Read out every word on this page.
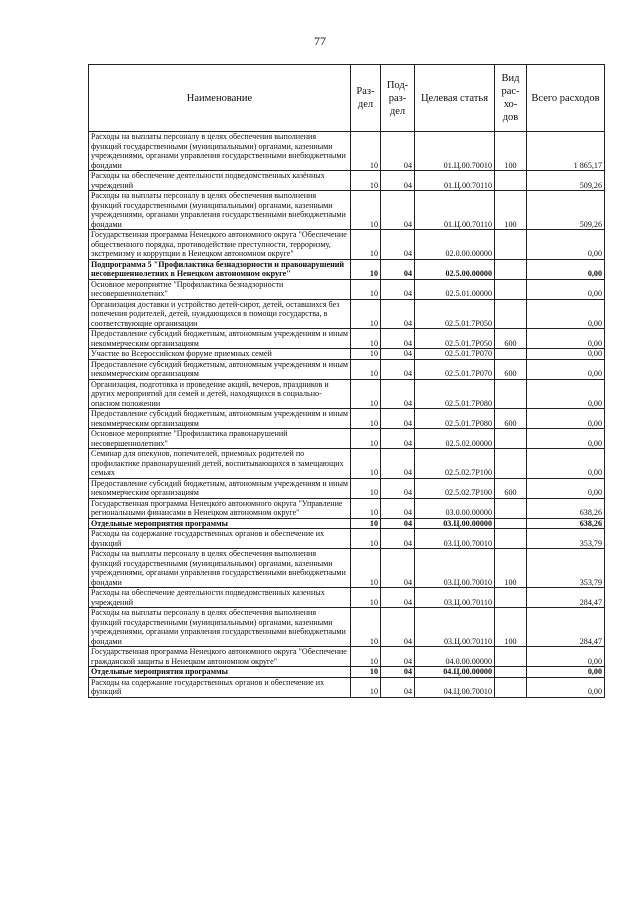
77
Наименование	Раз- дел	Под- раз- дел	Целевая статья	Вид рас- хо- дов	Всего расходов
Расходы на выплаты персоналу в целях обеспечения выполнения функций государственными (муниципальными) органами, казенными учреждениями, органами управления государственными внебюджетными фондами	10	04	01.Ц.00.70010	100	1 865,17
Расходы на обеспечение деятельности подведомственных казённых учреждений	10	04	01.Ц.00.70110		509,26
Расходы на выплаты персоналу в целях обеспечения выполнения функций государственными (муниципальными) органами, казенными учреждениями, органами управления государственными внебюджетными фондами	10	04	01.Ц.00.70110	100	509,26
Государственная программа Ненецкого автономного округа "Обеспечение общественного порядка, противодействие преступности, терроризму, экстремизму и коррупции в Ненецком автономном округе"	10	04	02.0.00.00000		0,00
Подпрограмма 5 "Профилактика безнадзорности и правонарушений несовершеннолетних в Ненецком автономном округе"	10	04	02.5.00.00000		0,00
Основное мероприятие "Профилактика безнадзорности несовершеннолетних"	10	04	02.5.01.00000		0,00
Организация доставки и устройство детей-сирот, детей, оставшихся без попечения родителей, детей, нуждающихся в помощи государства, в соответствующие организации	10	04	02.5.01.7Р050		0,00
Предоставление субсидий бюджетным, автономным учреждениям и иным некоммерческим организациям	10	04	02.5.01.7Р050	600	0,00
Участие во Всероссийском форуме приемных семей	10	04	02.5.01.7Р070		0,00
Предоставление субсидий бюджетным, автономным учреждениям и иным некоммерческим организациям	10	04	02.5.01.7Р070	600	0,00
Организация, подготовка и проведение акций, вечеров, праздников и других мероприятий для семей и детей, находящихся в социально-опасном положении	10	04	02.5.01.7Р080		0,00
Предоставление субсидий бюджетным, автономным учреждениям и иным некоммерческим организациям	10	04	02.5.01.7Р080	600	0,00
Основное мероприятие "Профилактика правонарушений несовершеннолетних"	10	04	02.5.02.00000		0,00
Семинар для опекунов, попечителей, приемных родителей по профилактике правонарушений детей, воспитывающихся в замещающих семьях	10	04	02.5.02.7Р100		0,00
Предоставление субсидий бюджетным, автономным учреждениям и иным некоммерческим организациям	10	04	02.5.02.7Р100	600	0,00
Государственная программа Ненецкого автономного округа "Управление региональными финансами в Ненецком автономном округе"	10	04	03.0.00.00000		638,26
Отдельные мероприятия программы	10	04	03.Ц.00.00000		638,26
Расходы на содержание государственных органов и обеспечение их функций	10	04	03.Ц.00.70010		353,79
Расходы на выплаты персоналу в целях обеспечения выполнения функций государственными (муниципальными) органами, казенными учреждениями, органами управления государственными внебюджетными фондами	10	04	03.Ц.00.70010	100	353,79
Расходы на обеспечение деятельности подведомственных казенных учреждений	10	04	03.Ц.00.70110		284,47
Расходы на выплаты персоналу в целях обеспечения выполнения функций государственными (муниципальными) органами, казенными учреждениями, органами управления государственными внебюджетными фондами	10	04	03.Ц.00.70110	100	284,47
Государственная программа Ненецкого автономного округа "Обеспечение гражданской защиты в Ненецком автономном округе"	10	04	04.0.00.00000		0,00
Отдельные мероприятия программы	10	04	04.Ц.00.00000		0,00
Расходы на содержание государственных органов и обеспечение их функций	10	04	04.Ц.00.70010		0,00
